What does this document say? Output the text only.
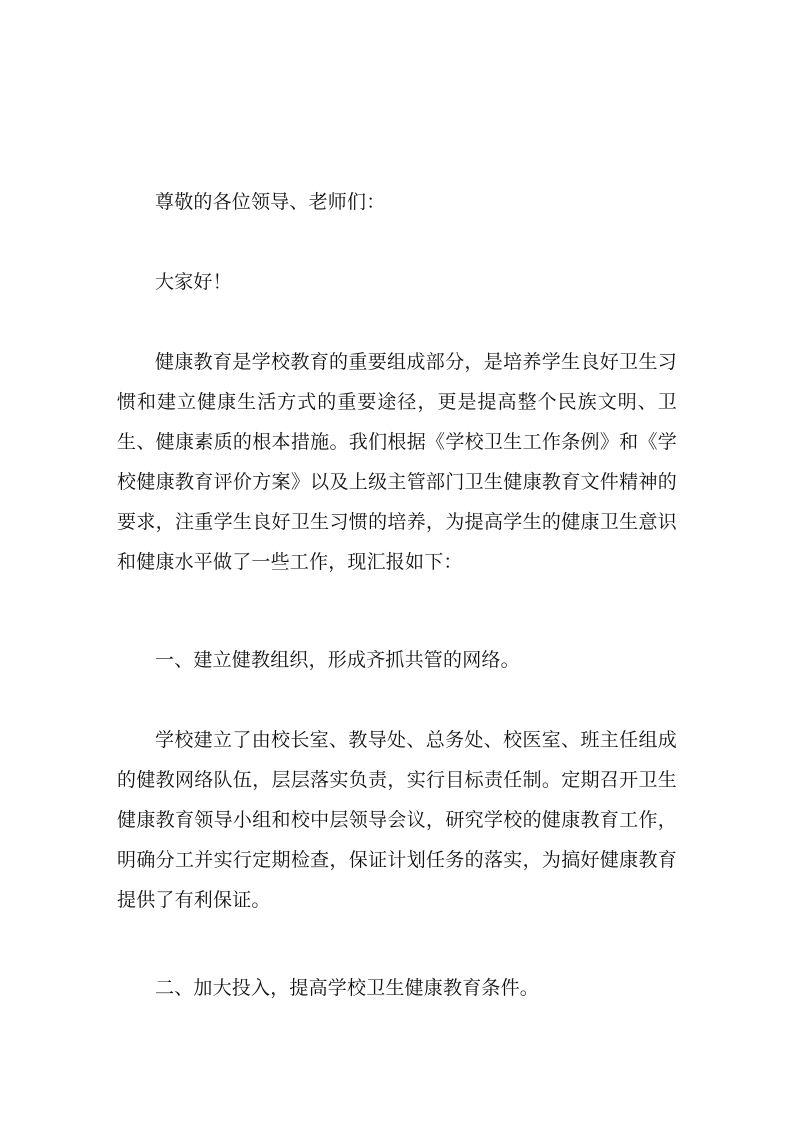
尊敬的各位领导、老师们：
大家好！
健康教育是学校教育的重要组成部分，是培养学生良好卫生习惯和建立健康生活方式的重要途径，更是提高整个民族文明、卫生、健康素质的根本措施。我们根据《学校卫生工作条例》和《学校健康教育评价方案》以及上级主管部门卫生健康教育文件精神的要求，注重学生良好卫生习惯的培养，为提高学生的健康卫生意识和健康水平做了一些工作，现汇报如下：
一、建立健教组织，形成齐抓共管的网络。
学校建立了由校长室、教导处、总务处、校医室、班主任组成的健教网络队伍，层层落实负责，实行目标责任制。定期召开卫生健康教育领导小组和校中层领导会议，研究学校的健康教育工作，明确分工并实行定期检查，保证计划任务的落实，为搞好健康教育提供了有利保证。
二、加大投入，提高学校卫生健康教育条件。
